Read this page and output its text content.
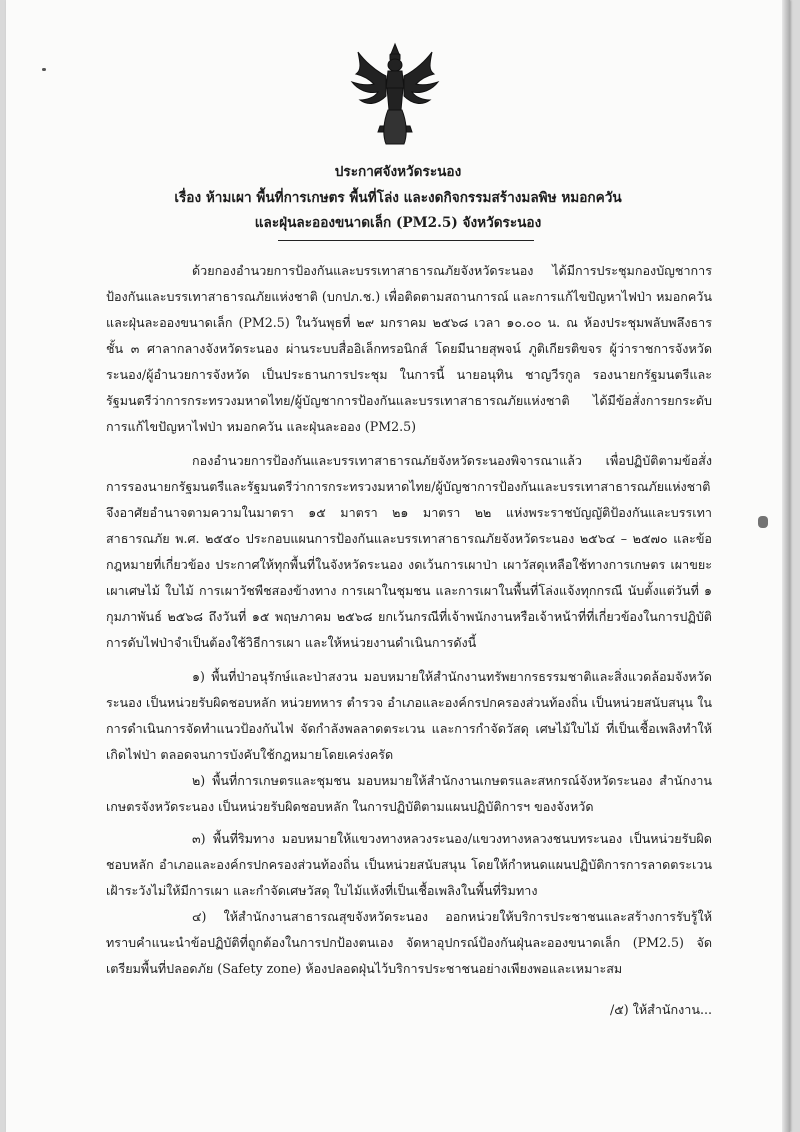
ประกาศจังหวัดระนอง
เรื่อง ห้ามเผา พื้นที่การเกษตร พื้นที่โล่ง และงดกิจกรรมสร้างมลพิษ หมอกควัน
และฝุ่นละอองขนาดเล็ก (PM2.5) จังหวัดระนอง

ด้วยกองอำนวยการป้องกันและบรรเทาสาธารณภัยจังหวัดระนอง ได้มีการประชุมกองบัญชาการป้องกันและบรรเทาสาธารณภัยแห่งชาติ (บกปภ.ช.) เพื่อติดตามสถานการณ์ และการแก้ไขปัญหาไฟป่า หมอกควันและฝุ่นละอองขนาดเล็ก (PM2.5) ในวันพุธที่ ๒๙ มกราคม ๒๕๖๘ เวลา ๑๐.๐๐ น. ณ ห้องประชุมพลับพลึงธาร ชั้น ๓ ศาลากลางจังหวัดระนอง ผ่านระบบสื่ออิเล็กทรอนิกส์ โดยมีนายสุพจน์ ภูติเกียรติขจร ผู้ว่าราชการจังหวัดระนอง/ผู้อำนวยการจังหวัด เป็นประธานการประชุม ในการนี้ นายอนุทิน ชาญวีรกูล รองนายกรัฐมนตรีและรัฐมนตรีว่าการกระทรวงมหาดไทย/ผู้บัญชาการป้องกันและบรรเทาสาธารณภัยแห่งชาติ ได้มีข้อสั่งการยกระดับการแก้ไขปัญหาไฟป่า หมอกควัน และฝุ่นละออง (PM2.5)

กองอำนวยการป้องกันและบรรเทาสาธารณภัยจังหวัดระนองพิจารณาแล้ว เพื่อปฏิบัติตามข้อสั่งการรองนายกรัฐมนตรีและรัฐมนตรีว่าการกระทรวงมหาดไทย/ผู้บัญชาการป้องกันและบรรเทาสาธารณภัยแห่งชาติ จึงอาศัยอำนาจตามความในมาตรา ๑๕ มาตรา ๒๑ มาตรา ๒๒ แห่งพระราชบัญญัติป้องกันและบรรเทาสาธารณภัย พ.ศ. ๒๕๕๐ ประกอบแผนการป้องกันและบรรเทาสาธารณภัยจังหวัดระนอง ๒๕๖๔ – ๒๕๗๐ และข้อกฎหมายที่เกี่ยวข้อง ประกาศให้ทุกพื้นที่ในจังหวัดระนอง งดเว้นการเผาป่า เผาวัสดุเหลือใช้ทางการเกษตร เผาขยะ เผาเศษไม้ ใบไม้ การเผาวัชพืชสองข้างทาง การเผาในชุมชน และการเผาในพื้นที่โล่งแจ้งทุกกรณี นับตั้งแต่วันที่ ๑ กุมภาพันธ์ ๒๕๖๘ ถึงวันที่ ๑๕ พฤษภาคม ๒๕๖๘ ยกเว้นกรณีที่เจ้าพนักงานหรือเจ้าหน้าที่ที่เกี่ยวข้องในการปฏิบัติการดับไฟป่าจำเป็นต้องใช้วิธีการเผา และให้หน่วยงานดำเนินการดังนี้

๑) พื้นที่ป่าอนุรักษ์และป่าสงวน มอบหมายให้สำนักงานทรัพยากรธรรมชาติและสิ่งแวดล้อมจังหวัดระนอง เป็นหน่วยรับผิดชอบหลัก หน่วยทหาร ตำรวจ อำเภอและองค์กรปกครองส่วนท้องถิ่น เป็นหน่วยสนับสนุน ในการดำเนินการจัดทำแนวป้องกันไฟ จัดกำลังพลลาดตระเวน และการกำจัดวัสดุ เศษไม้ใบไม้ ที่เป็นเชื้อเพลิงทำให้เกิดไฟป่า ตลอดจนการบังคับใช้กฎหมายโดยเคร่งครัด

๒) พื้นที่การเกษตรและชุมชน มอบหมายให้สำนักงานเกษตรและสหกรณ์จังหวัดระนอง สำนักงานเกษตรจังหวัดระนอง เป็นหน่วยรับผิดชอบหลัก ในการปฏิบัติตามแผนปฏิบัติการฯ ของจังหวัด

๓) พื้นที่ริมทาง มอบหมายให้แขวงทางหลวงระนอง/แขวงทางหลวงชนบทระนอง เป็นหน่วยรับผิดชอบหลัก อำเภอและองค์กรปกครองส่วนท้องถิ่น เป็นหน่วยสนับสนุน โดยให้กำหนดแผนปฏิบัติการการลาดตระเวนเฝ้าระวังไม่ให้มีการเผา และกำจัดเศษวัสดุ ใบไม้แห้งที่เป็นเชื้อเพลิงในพื้นที่ริมทาง

๔) ให้สำนักงานสาธารณสุขจังหวัดระนอง ออกหน่วยให้บริการประชาชนและสร้างการรับรู้ให้ทราบคำแนะนำข้อปฏิบัติที่ถูกต้องในการปกป้องตนเอง จัดหาอุปกรณ์ป้องกันฝุ่นละอองขนาดเล็ก (PM2.5) จัดเตรียมพื้นที่ปลอดภัย (Safety zone) ห้องปลอดฝุ่นไว้บริการประชาชนอย่างเพียงพอและเหมาะสม

/๕) ให้สำนักงาน...
